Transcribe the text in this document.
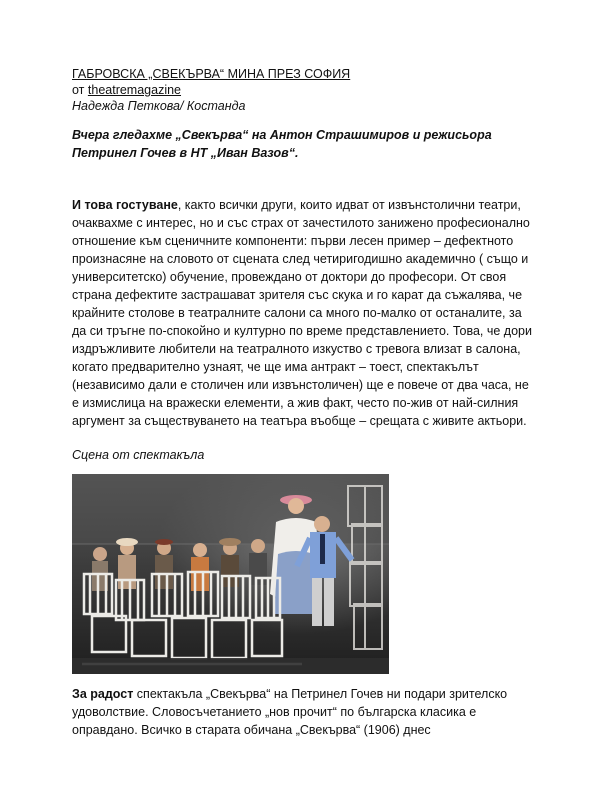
ГАБРОВСКА „СВЕКЪРВА“ МИНА ПРЕЗ СОФИЯ
от theatremagazine
Надежда Петкова/ Костанда
Вчера гледахме „Свекърва“ на Антон Страшимиров и режисьора Петринел Гочев в НТ „Иван Вазов“.
И това гостуване, както всички други, които идват от извънстолични театри, очаквахме с интерес, но и със страх от зачестилото занижено професионално отношение към сценичните компоненти: първи лесен пример – дефектното произнасяне на словото от сцената след четиригодишно академично ( също и университетско) обучение, провеждано от доктори до професори. От своя страна дефектите застрашават зрителя със скука и го карат да съжалява, че крайните столове в театралните салони са много по-малко от останалите, за да си тръгне по-спокойно и културно по време представлението. Това, че дори издръжливите любители на театралното изкуство с тревога влизат в салона, когато предварително узнаят, че ще има антракт – тоест, спектакълът (независимо дали е столичен или извънстоличен) ще е повече от два часа, не е измислица на вражески елементи, а жив факт, често по-жив от най-силния аргумент за съществуването на театъра въобще – срещата с живите актьори.
Сцена от спектакъла
За радост спектакъла „Свекърва“ на Петринел Гочев ни подари зрителско удоволствие. Словосъчетанието „нов прочит“ по българска класика е оправдано. Всичко в старата обичана „Свекърва“ (1906) днес
